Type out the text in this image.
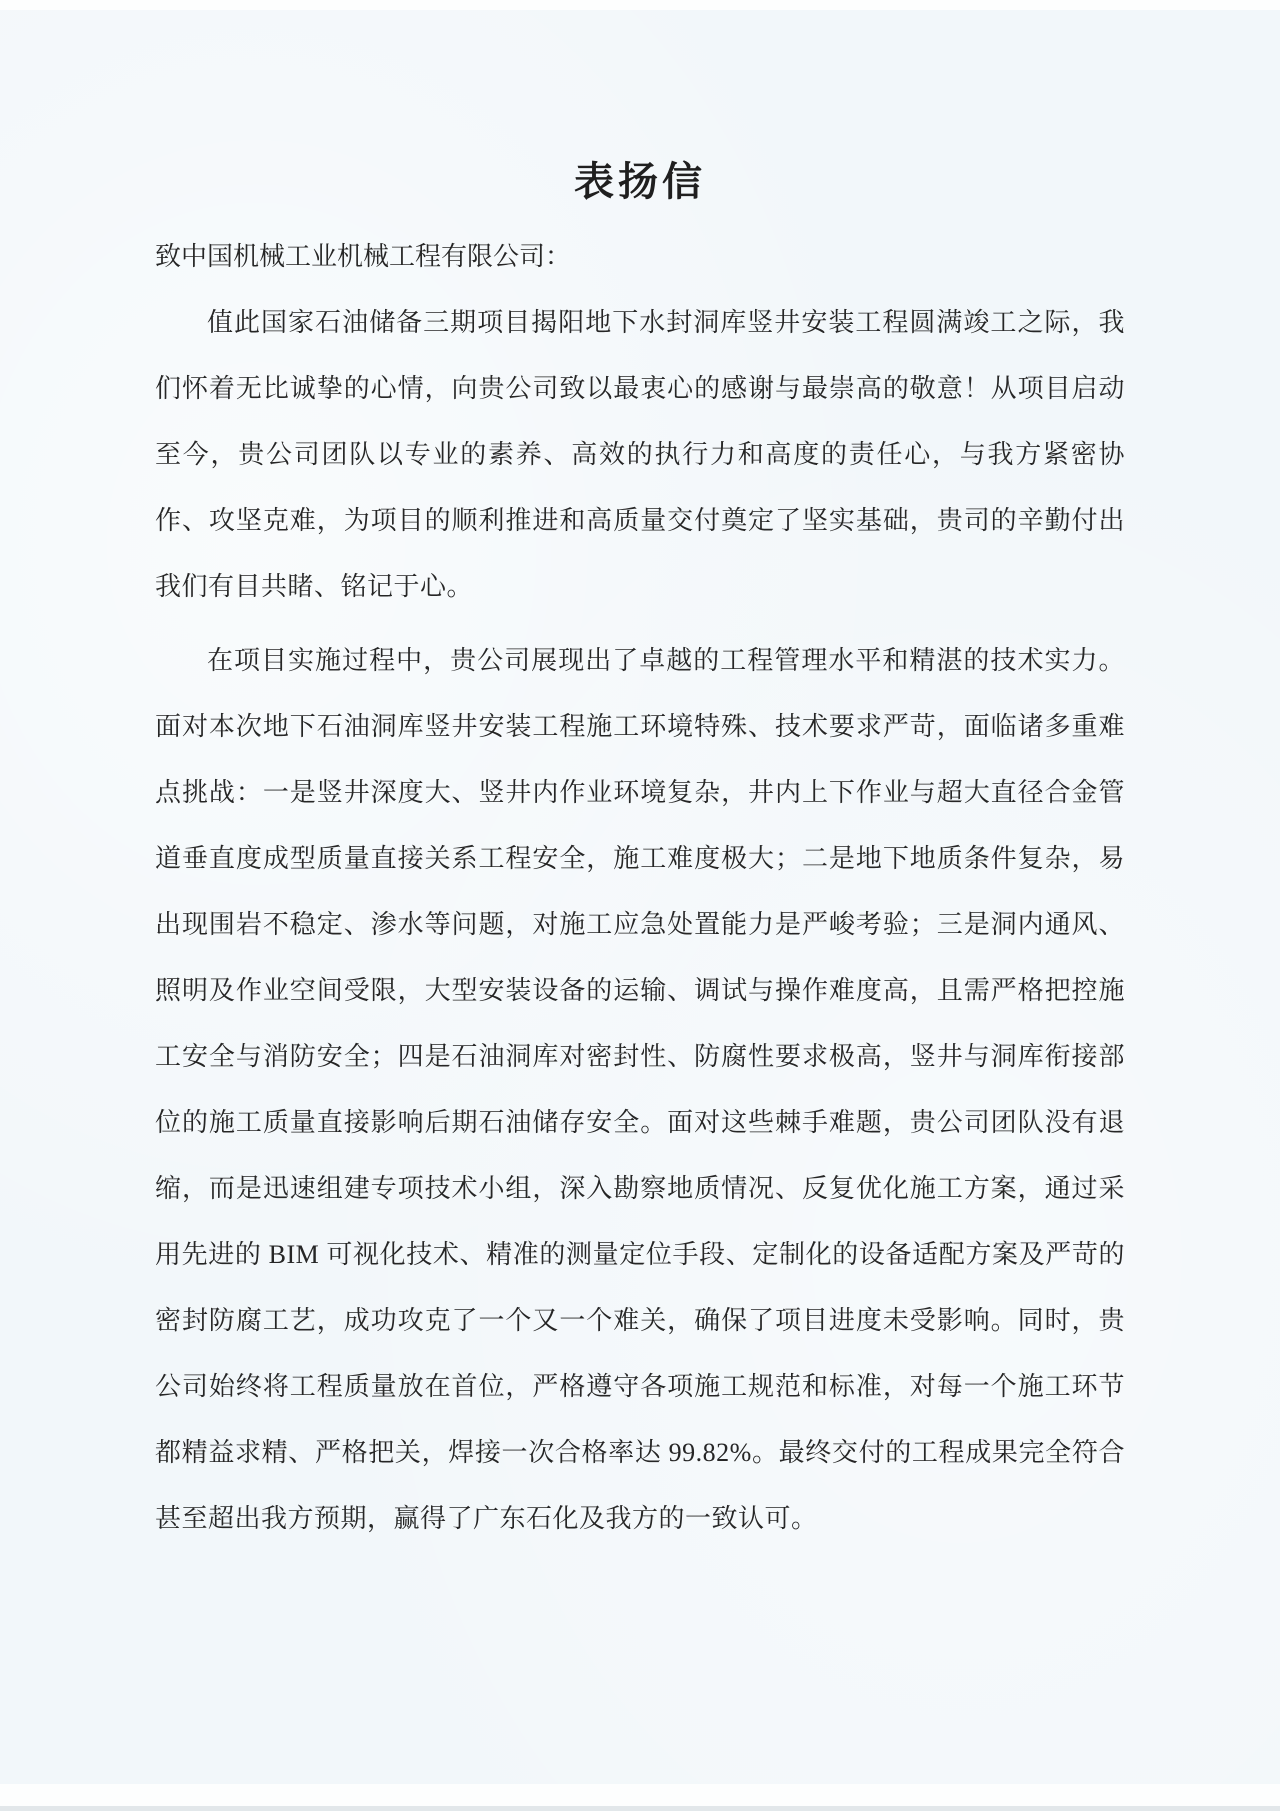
表扬信

致中国机械工业机械工程有限公司：

值此国家石油储备三期项目揭阳地下水封洞库竖井安装工程圆满竣工之际，我们怀着无比诚挚的心情，向贵公司致以最衷心的感谢与最崇高的敬意！从项目启动至今，贵公司团队以专业的素养、高效的执行力和高度的责任心，与我方紧密协作、攻坚克难，为项目的顺利推进和高质量交付奠定了坚实基础，贵司的辛勤付出我们有目共睹、铭记于心。

在项目实施过程中，贵公司展现出了卓越的工程管理水平和精湛的技术实力。面对本次地下石油洞库竖井安装工程施工环境特殊、技术要求严苛，面临诸多重难点挑战：一是竖井深度大、竖井内作业环境复杂，井内上下作业与超大直径合金管道垂直度成型质量直接关系工程安全，施工难度极大；二是地下地质条件复杂，易出现围岩不稳定、渗水等问题，对施工应急处置能力是严峻考验；三是洞内通风、照明及作业空间受限，大型安装设备的运输、调试与操作难度高，且需严格把控施工安全与消防安全；四是石油洞库对密封性、防腐性要求极高，竖井与洞库衔接部位的施工质量直接影响后期石油储存安全。面对这些棘手难题，贵公司团队没有退缩，而是迅速组建专项技术小组，深入勘察地质情况、反复优化施工方案，通过采用先进的 BIM 可视化技术、精准的测量定位手段、定制化的设备适配方案及严苛的密封防腐工艺，成功攻克了一个又一个难关，确保了项目进度未受影响。同时，贵公司始终将工程质量放在首位，严格遵守各项施工规范和标准，对每一个施工环节都精益求精、严格把关，焊接一次合格率达 99.82%。最终交付的工程成果完全符合甚至超出我方预期，赢得了广东石化及我方的一致认可。
